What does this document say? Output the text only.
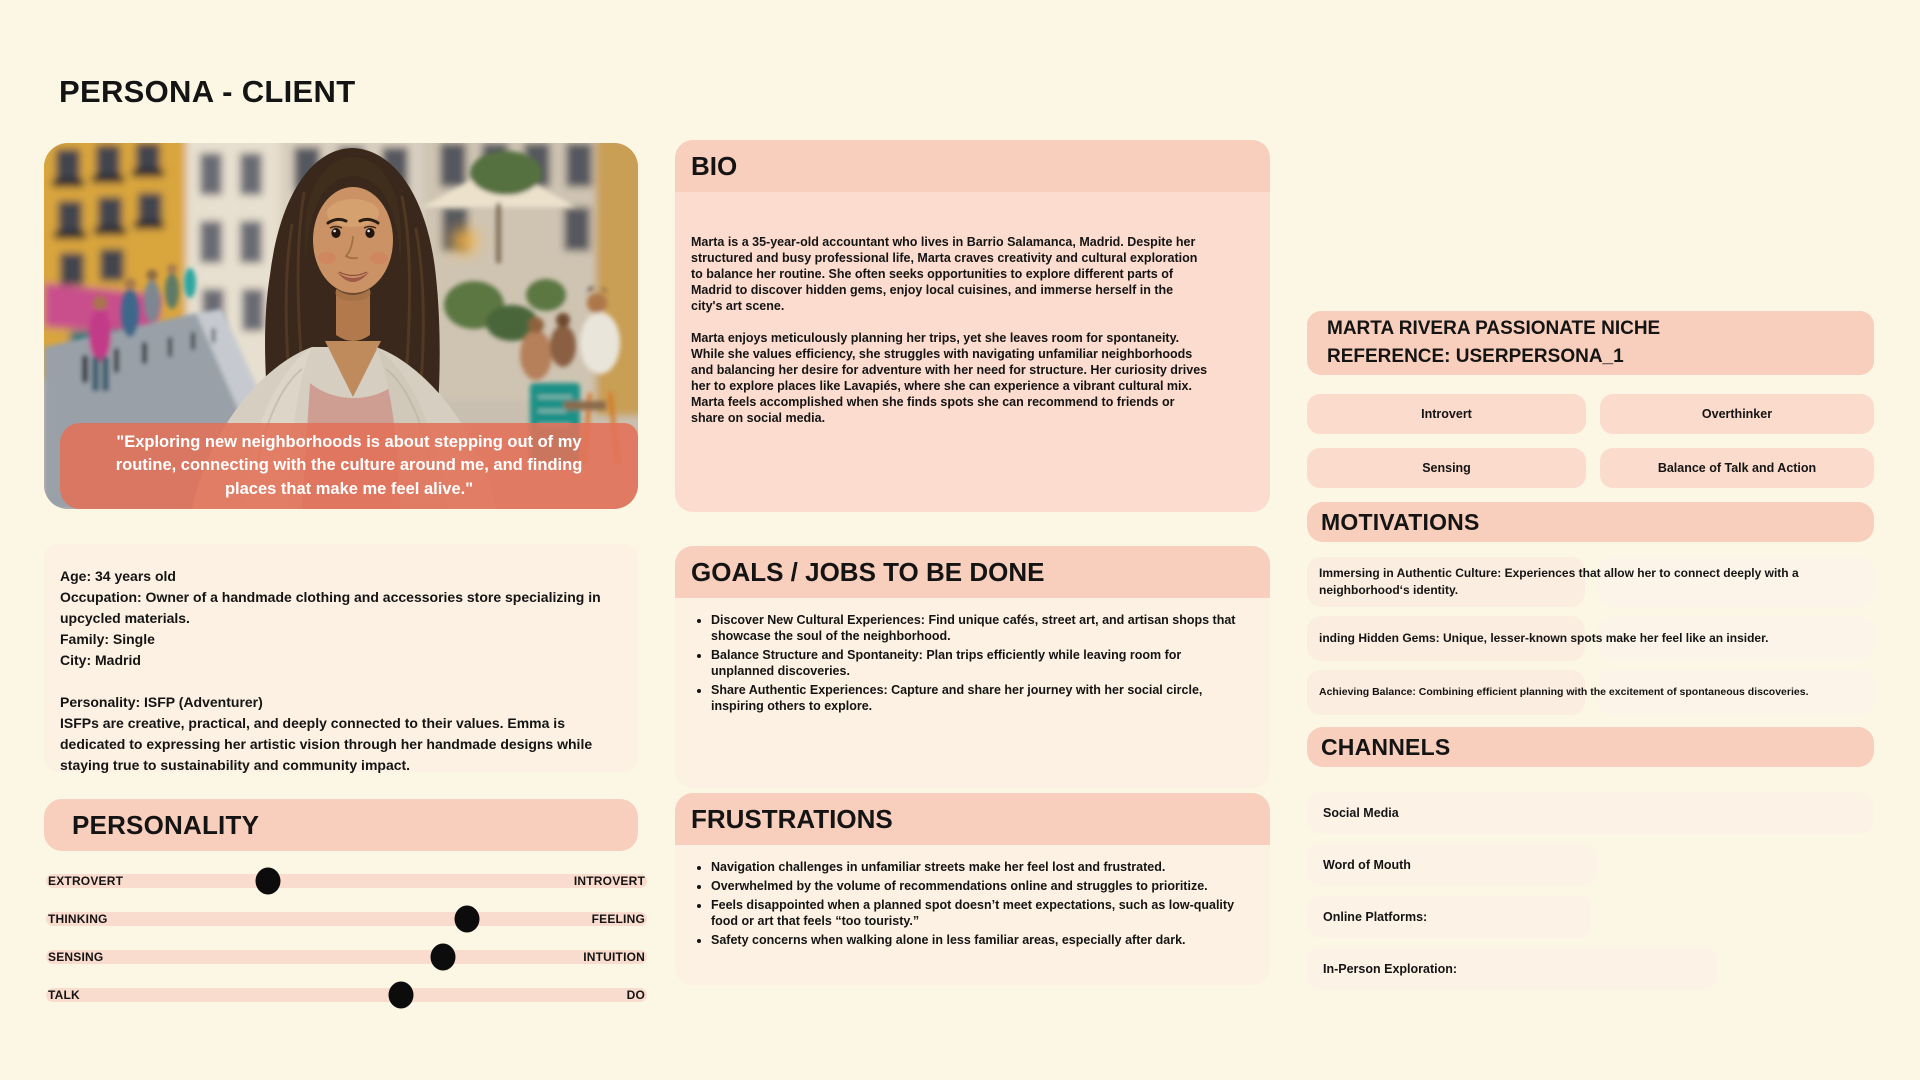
PERSONA - CLIENT
"Exploring new neighborhoods is about stepping out of my routine, connecting with the culture around me, and finding places that make me feel alive."
Age: 34 years old
Occupation: Owner of a handmade clothing and accessories store specializing in upcycled materials.
Family: Single
City: Madrid
Personality: ISFP (Adventurer)
ISFPs are creative, practical, and deeply connected to their values. Emma is dedicated to expressing her artistic vision through her handmade designs while staying true to sustainability and community impact.
PERSONALITY
EXTROVERT	INTROVERT
THINKING	FEELING
SENSING	INTUITION
TALK	DO
BIO

Marta is a 35-year-old accountant who lives in Barrio Salamanca, Madrid. Despite her structured and busy professional life, Marta craves creativity and cultural exploration to balance her routine. She often seeks opportunities to explore different parts of Madrid to discover hidden gems, enjoy local cuisines, and immerse herself in the city's art scene.

Marta enjoys meticulously planning her trips, yet she leaves room for spontaneity. While she values efficiency, she struggles with navigating unfamiliar neighborhoods and balancing her desire for adventure with her need for structure. Her curiosity drives her to explore places like Lavapiés, where she can experience a vibrant cultural mix. Marta feels accomplished when she finds spots she can recommend to friends or share on social media.

GOALS / JOBS TO BE DONE
• Discover New Cultural Experiences: Find unique cafés, street art, and artisan shops that showcase the soul of the neighborhood.
• Balance Structure and Spontaneity: Plan trips efficiently while leaving room for unplanned discoveries.
• Share Authentic Experiences: Capture and share her journey with her social circle, inspiring others to explore.
FRUSTRATIONS
• Navigation challenges in unfamiliar streets make her feel lost and frustrated.
• Overwhelmed by the volume of recommendations online and struggles to prioritize.
• Feels disappointed when a planned spot doesn’t meet expectations, such as low-quality food or art that feels “too touristy.”
• Safety concerns when walking alone in less familiar areas, especially after dark.
MARTA RIVERA PASSIONATE NICHE
REFERENCE: USERPERSONA_1
Introvert	Overthinker
Sensing	Balance of Talk and Action
MOTIVATIONS
Immersing in Authentic Culture: Experiences that allow her to connect deeply with a neighborhood‘s identity.
inding Hidden Gems: Unique, lesser-known spots make her feel like an insider.
Achieving Balance: Combining efficient planning with the excitement of spontaneous discoveries.
CHANNELS
Social Media
Word of Mouth
Online Platforms:
In-Person Exploration:
